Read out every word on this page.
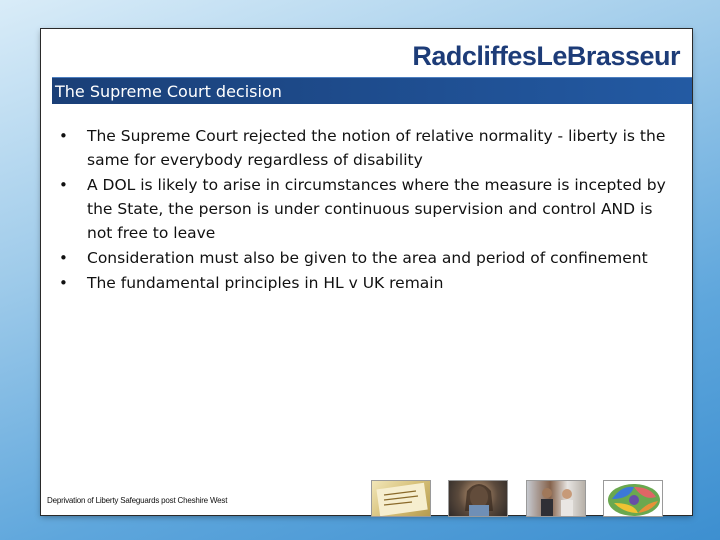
RadcliffesLeBrasseur
The Supreme Court decision
• The Supreme Court rejected the notion of relative normality - liberty is the same for everybody regardless of disability
• A DOL is likely to arise in circumstances where the measure is incepted by the State, the person is under continuous supervision and control AND is not free to leave
• Consideration must also be given to the area and period of confinement
• The fundamental principles in HL v UK remain
Deprivation of Liberty Safeguards post Cheshire West
